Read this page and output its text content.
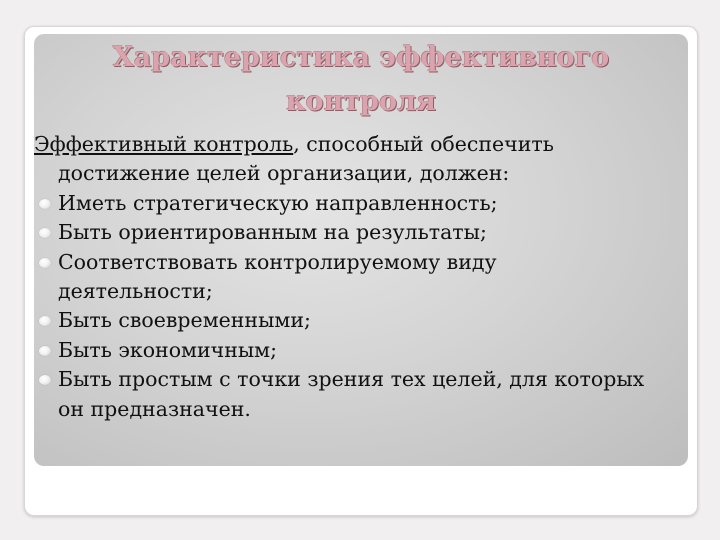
Характеристика эффективного
контроля
Эффективный контроль, способный обеспечить
достижение целей организации, должен:
Иметь стратегическую направленность;
Быть ориентированным на результаты;
Соответствовать контролируемому виду
деятельности;
Быть своевременными;
Быть экономичным;
Быть простым с точки зрения тех целей, для которых
он предназначен.
